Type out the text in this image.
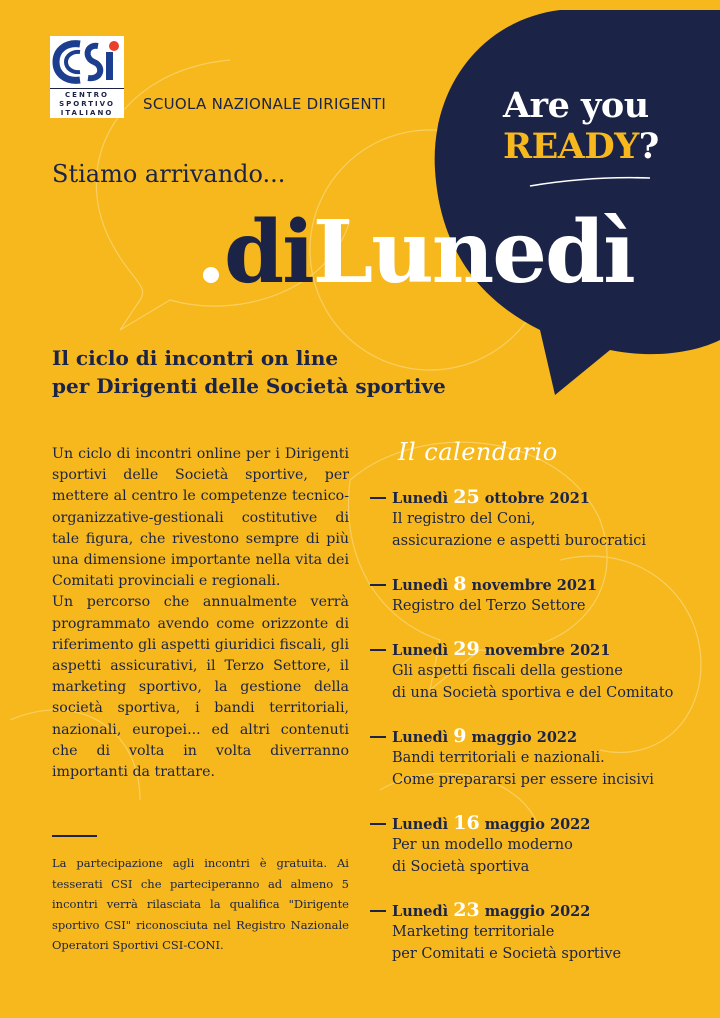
CENTRO
SPORTIVO
ITALIANO	SCUOLA NAZIONALE DIRIGENTI	Are you
READY?
Stiamo arrivando...
.diLunedì
Il ciclo di incontri on line
per Dirigenti delle Società sportive

Un ciclo di incontri online per i Dirigenti sportivi delle Società sportive, per mettere al centro le competenze tecnico-organizzative-gestionali costitutive di tale figura, che rivestono sempre di più una dimensione importante nella vita dei Comitati provinciali e regionali.

Un percorso che annualmente verrà programmato avendo come orizzonte di riferimento gli aspetti giuridici fiscali, gli aspetti assicurativi, il Terzo Settore, il marketing sportivo, la gestione della società sportiva, i bandi territoriali, nazionali, europei... ed altri contenuti che di volta in volta diverranno importanti da trattare.

La partecipazione agli incontri è gratuita. Ai tesserati CSI che parteciperanno ad almeno 5 incontri verrà rilasciata la qualifica "Dirigente sportivo CSI" riconosciuta nel Registro Nazionale Operatori Sportivi CSI-CONI.
Il calendario
Lunedì 25 ottobre 2021
Il registro del Coni,
assicurazione e aspetti burocratici
Lunedì 8 novembre 2021
Registro del Terzo Settore
Lunedì 29 novembre 2021
Gli aspetti fiscali della gestione
di una Società sportiva e del Comitato
Lunedì 9 maggio 2022
Bandi territoriali e nazionali.
Come prepararsi per essere incisivi
Lunedì 16 maggio 2022
Per un modello moderno
di Società sportiva
Lunedì 23 maggio 2022
Marketing territoriale
per Comitati e Società sportive
